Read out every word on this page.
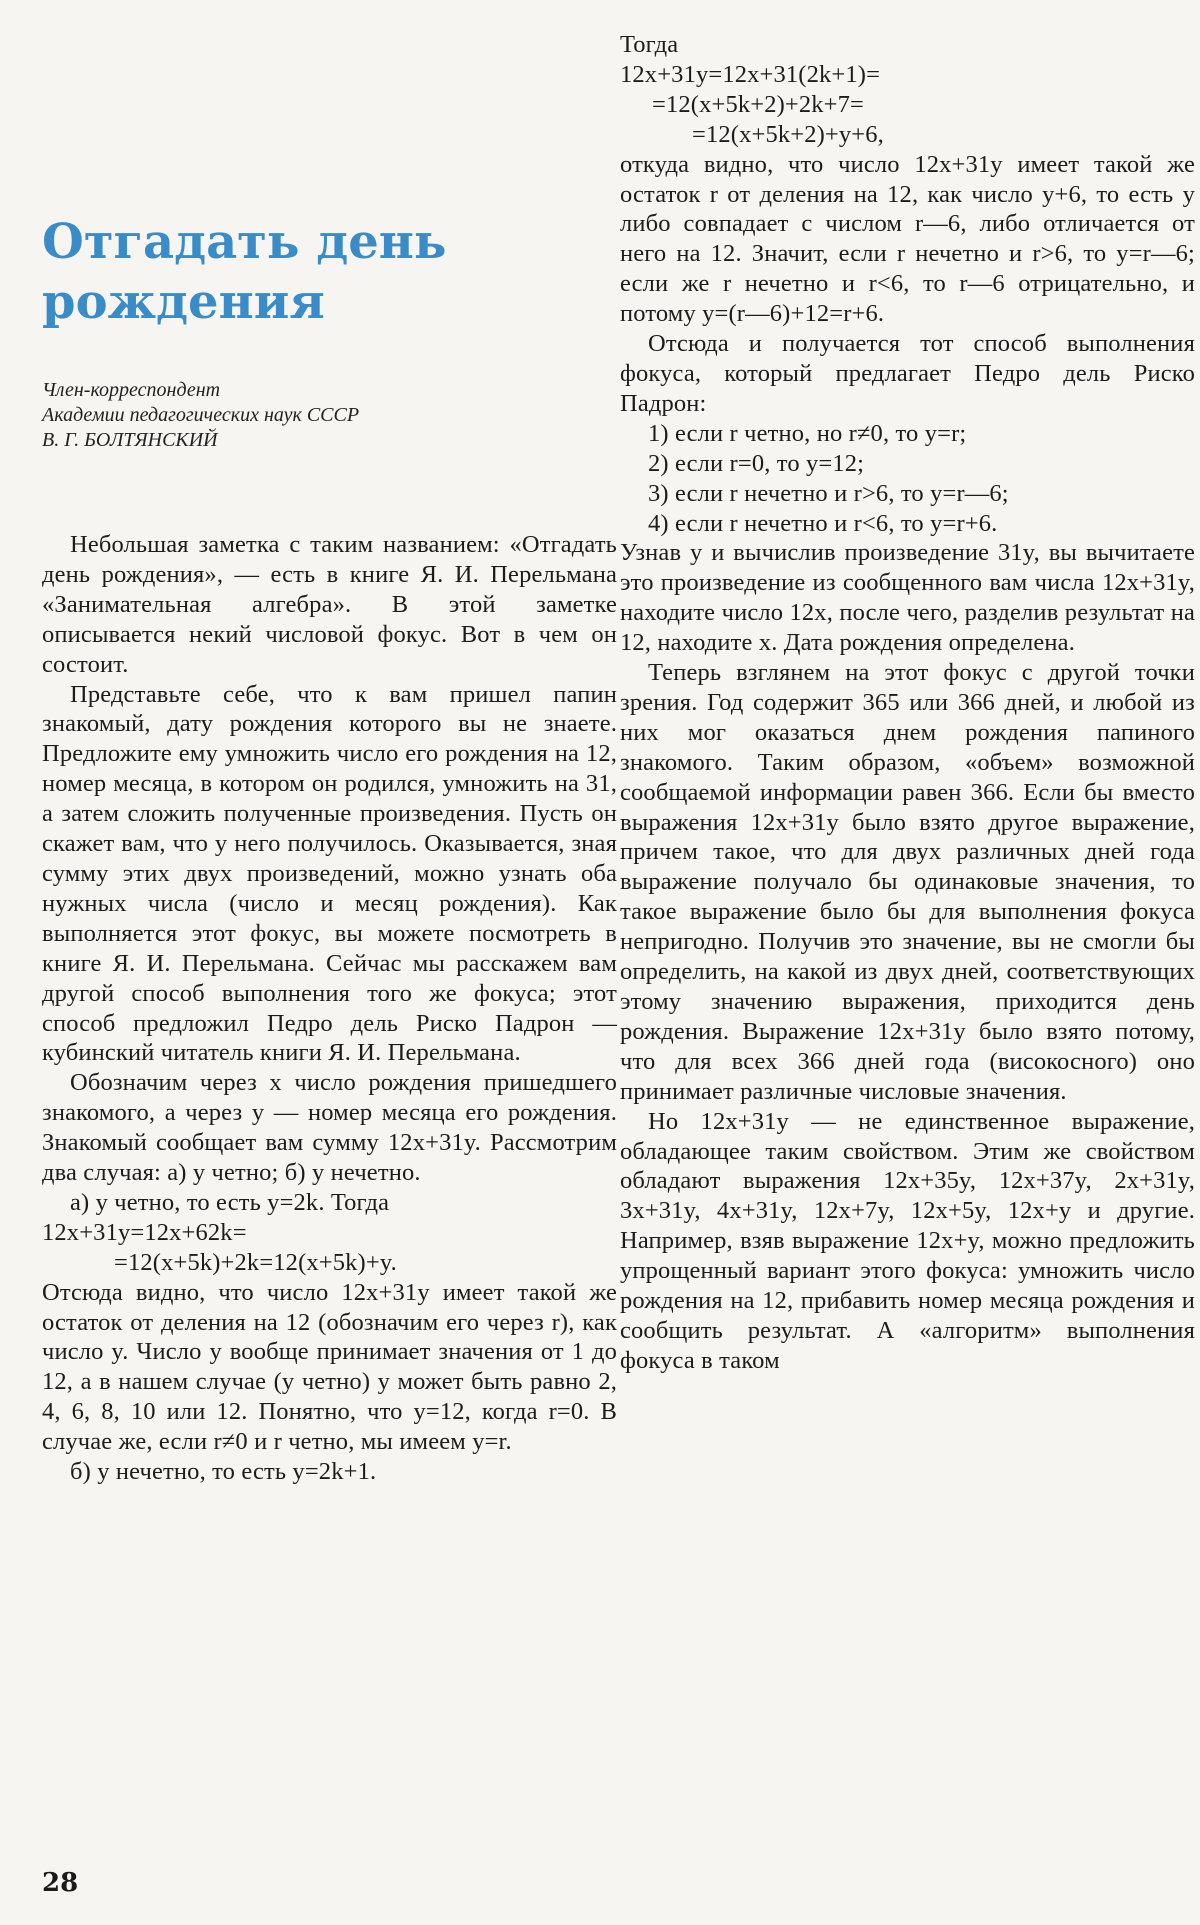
Отгадать день рождения
Член-корреспондент
Академии педагогических наук СССР
В. Г. БОЛТЯНСКИЙ

Небольшая заметка с таким названием: «Отгадать день рождения», — есть в книге Я. И. Перельмана «Занимательная алгебра». В этой заметке описывается некий числовой фокус. Вот в чем он состоит.

Представьте себе, что к вам пришел папин знакомый, дату рождения которого вы не знаете. Предложите ему умножить число его рождения на 12, номер месяца, в котором он родился, умножить на 31, а затем сложить полученные произведения. Пусть он скажет вам, что у него получилось. Оказывается, зная сумму этих двух произведений, можно узнать оба нужных числа (число и месяц рождения). Как выполняется этот фокус, вы можете посмотреть в книге Я. И. Перельмана. Сейчас мы расскажем вам другой способ выполнения того же фокуса; этот способ предложил Педро дель Риско Падрон — кубинский читатель книги Я. И. Перельмана.

Обозначим через x число рождения пришедшего знакомого, а через y — номер месяца его рождения. Знакомый сообщает вам сумму 12x+31y. Рассмотрим два случая: а) y четно; б) y нечетно.

а) y четно, то есть y=2k. Тогда

12x+31y=12x+62k=

=12(x+5k)+2k=12(x+5k)+y.

Отсюда видно, что число 12x+31y имеет такой же остаток от деления на 12 (обозначим его через r), как число y. Число y вообще принимает значения от 1 до 12, а в нашем случае (y четно) y может быть равно 2, 4, 6, 8, 10 или 12. Понятно, что y=12, когда r=0. В случае же, если r≠0 и r четно, мы имеем y=r.

б) y нечетно, то есть y=2k+1.

Тогда

12x+31y=12x+31(2k+1)=

=12(x+5k+2)+2k+7=

=12(x+5k+2)+y+6,

откуда видно, что число 12x+31y имеет такой же остаток r от деления на 12, как число y+6, то есть y либо совпадает с числом r—6, либо отличается от него на 12. Значит, если r нечетно и r>6, то y=r—6; если же r нечетно и r<6, то r—6 отрицательно, и потому y=(r—6)+12=r+6.

Отсюда и получается тот способ выполнения фокуса, который предлагает Педро дель Риско Падрон:

1) если r четно, но r≠0, то y=r;

2) если r=0, то y=12;

3) если r нечетно и r>6, то y=r—6;

4) если r нечетно и r<6, то y=r+6.

Узнав y и вычислив произведение 31y, вы вычитаете это произведение из сообщенного вам числа 12x+31y, находите число 12x, после чего, разделив результат на 12, находите x. Дата рождения определена.

Теперь взглянем на этот фокус с другой точки зрения. Год содержит 365 или 366 дней, и любой из них мог оказаться днем рождения папиного знакомого. Таким образом, «объем» возможной сообщаемой информации равен 366. Если бы вместо выражения 12x+31y было взято другое выражение, причем такое, что для двух различных дней года выражение получало бы одинаковые значения, то такое выражение было бы для выполнения фокуса непригодно. Получив это значение, вы не смогли бы определить, на какой из двух дней, соответствующих этому значению выражения, приходится день рождения. Выражение 12x+31y было взято потому, что для всех 366 дней года (високосного) оно принимает различные числовые значения.

Но 12x+31y — не единственное выражение, обладающее таким свойством. Этим же свойством обладают выражения 12x+35y, 12x+37y, 2x+31y, 3x+31y, 4x+31y, 12x+7y, 12x+5y, 12x+y и другие. Например, взяв выражение 12x+y, можно предложить упрощенный вариант этого фокуса: умножить число рождения на 12, прибавить номер месяца рождения и сообщить результат. А «алгоритм» выполнения фокуса в таком

28
